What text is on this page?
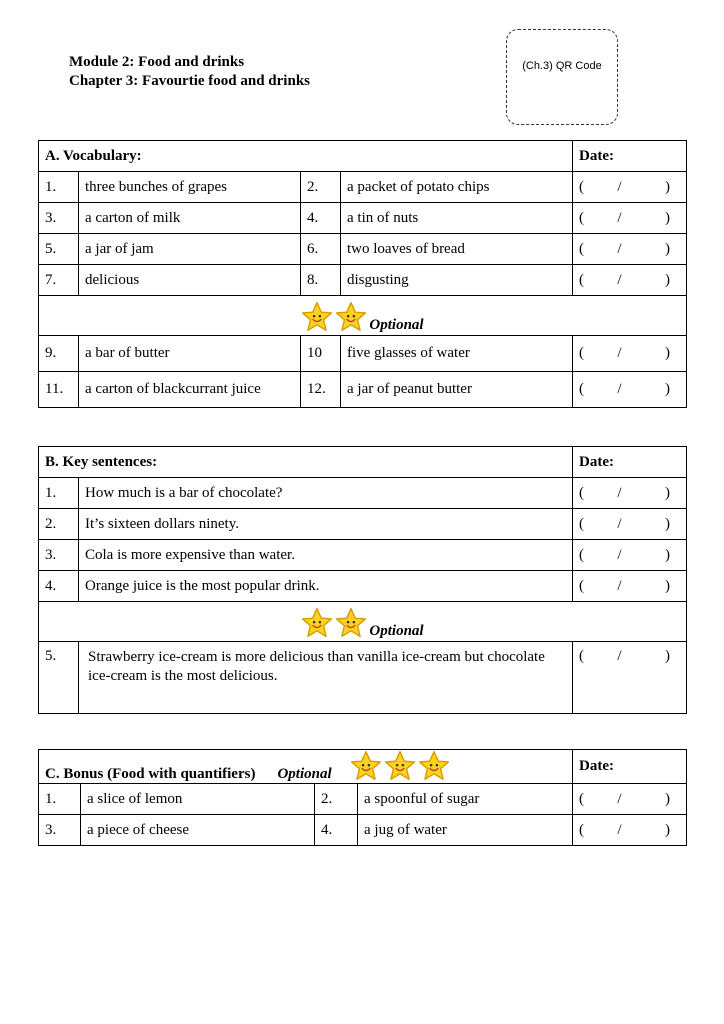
Module 2: Food and drinks
Chapter 3: Favourtie food and drinks
(Ch.3) QR Code
A. Vocabulary:				Date:
1.	three bunches of grapes	2.	a packet of potato chips	( / )

3.	a carton of milk	4.	a tin of nuts	( / )

5.	a jar of jam	6.	two loaves of bread	( / )

7.	delicious	8.	disgusting	( / )

Optional				
9.	a bar of butter	10	five glasses of water	( / )

11.	a carton of blackcurrant juice	12.	a jar of peanut butter	( / )
B. Key sentences:		Date:
1.	How much is a bar of chocolate?	( / )

2.	It’s sixteen dollars ninety.	( / )

3.	Cola is more expensive than water.	( / )

4.	Orange juice is the most popular drink.	( / )

Optional		
5.	Strawberry ice-cream is more delicious than vanilla ice-cream but chocolate ice-cream is the most delicious.	( / )
C. Bonus (Food with quantifiers) Optional				Date:
1.	a slice of lemon	2.	a spoonful of sugar	( / )

3.	a piece of cheese	4.	a jug of water	( / )
